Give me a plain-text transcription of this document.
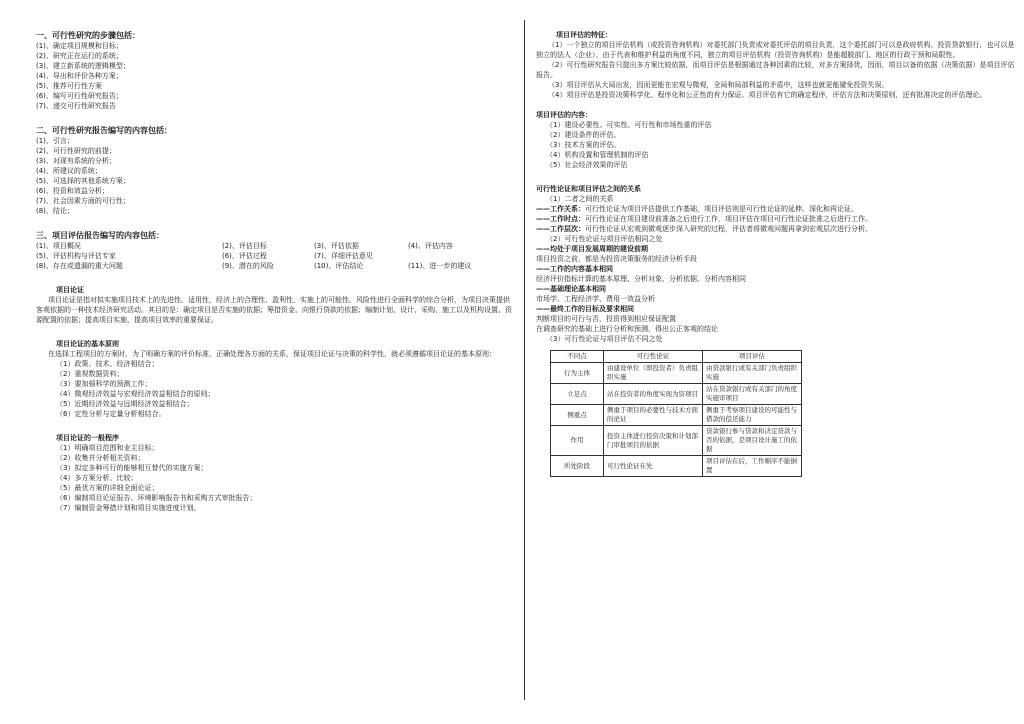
一、可行性研究的步骤包括：
(1)、确定项目规模和目标；
(2)、研究正在运行的系统；
(3)、建立新系统的逻辑模型；
(4)、导出和评价各种方案；
(5)、推荐可行性方案
(6)、编写可行性研究报告；
(7)、递交可行性研究报告
二、可行性研究报告编写的内容包括：
(1)、引言；
(2)、可行性研究的前提；
(3)、对现有系统的分析；
(4)、所建议的系统；
(5)、可选择的其他系统方案；
(6)、投资和效益分析；
(7)、社会因素方面的可行性；
(8)、结论；
三、项目评估报告编写的内容包括：
(1)、项目概况	(2)、评估目标	(3)、评估依据	(4)、评估内容
(5)、评估机构与评估专家	(6)、评估过程	(7)、详细评估意见
(8)、存在或遗漏的重大问题	(9)、潜在的风险	(10)、评估结论	(11)、进一步的建议
项目论证
项目论证是指对拟实施项目技术上的先进性、适用性，经济上的合理性、盈利性，实施上的可能性、风险性进行全面科学的综合分析，为项目决策提供客观依据的一种技术经济研究活动。其目的是：确定项目是否实施的依据；筹措资金、向银行贷款的依据；编制计划、设计、采购、施工以及机构设置、资源配置的依据；提高项目实施、提高项目效率的重要保证。
项目论证的基本原则
在选择工程项目的方案时，为了明确方案的评价标准，正确处理各方面的关系，保证项目论证与决策的科学性，就必须遵循项目论证的基本原则：
（1）政策、技术、经济相结合；
（2）重视数据资料；
（3）要加强科学的预测工作；
（4）微观经济效益与宏观经济效益相结合的原则；
（5）近期经济效益与远期经济效益相结合；
（6）定性分析与定量分析相结合。
项目论证的一般程序
（1）明确项目范围和业主目标；
（2）收集并分析相关资料；
（3）拟定多种可行的能够相互替代的实施方案；
（4）多方案分析、比较；
（5）最优方案的详细全面论证；
（6）编制项目论证报告、环境影响报告书和采购方式审批报告；
（7）编制资金筹措计划和项目实施进度计划。
项目评估的特征：
（1）一个独立的项目评估机构（或投资咨询机构）对委托部门负责或对委托评估的项目负责，这个委托部门可以是政府机构、投资贷款银行，也可以是独立的法人（企业）、由于代表和维护利益的角度不同，独立的项目评估机构（投资咨询机构）是能超脱部门、地区的行政干预和局限性。
（2）可行性研究报告只提出多方案比较依据，而项目评估是根据通过各种因素的比较，对多方案择优，因而，项目以备的依据（决策依据）是项目评估报告。
（3）项目评估从大局出发，因而更能在宏观与微观，全局和局部利益的矛盾中，这样也就更能避免投资失误。
（4）项目评估是投资决策科学化、程序化和公正性的有力保证。项目评估有它的确定程序，评估方法和决策原则，还有批准决定的评估理论。
项目评估的内容：
（1）建设必要性、可实性、可行性和市场性重的评估
（2）建设条件的评估。
（3）技术方案的评估。
（4）机构设置和管理机制的评估
（5）社会经济效果的评估
可行性论证和项目评估之间的关系
（1）二者之间的关系
——工作关系：可行性论证为项目评估提供工作基础，项目评估则是可行性论证的延伸、深化和再论证。
——工作时点：可行性论证在项目建设前准备之后进行工作，项目评估在项目可行性论证批准之后进行工作。
——工作层次：可行性论证从宏观到微观逐步深入研究的过程，评估者将微观问题再拿到宏观层次进行分析。
（2）可行性论证与项目评估相同之处
——均处于项目发展周期的建设前期
项目投资之前，都是为投资决策服务的经济分析手段
——工作的内容基本相同
经济评价指标计算的基本原理、分析对象、分析依据、分析内容相同
——基础理论基本相同
市场学、工程经济学、费用一效益分析
——最终工作的目标及要求相同
判断项目的可行与否，投资得到相应保证配置
在调查研究的基础上进行分析和预测，得出公正客观的结论
（3）可行性论证与项目评估不同之处
不同点	可行性论证	项目评估
行为主体	由建设单位（即投资者）负责组织实施	由贷款银行或有关部门负责组织实施
立足点	站在投资者的角度实现为资项目	站在贷款银行或有关部门的角度实施审项目
侧重点	侧重于项目的必要性与技术方面的论证	侧重于考察项目建设的可能性与借款的偿还能力
作用	投资主体进行投资决策和计划部门审批项目的依据	贷款银行参与贷款和决定贷款与否的依据，是项目设计施工的依据
所处阶段	可行性论证在先	项目评估在后，工作顺序不能倒置
